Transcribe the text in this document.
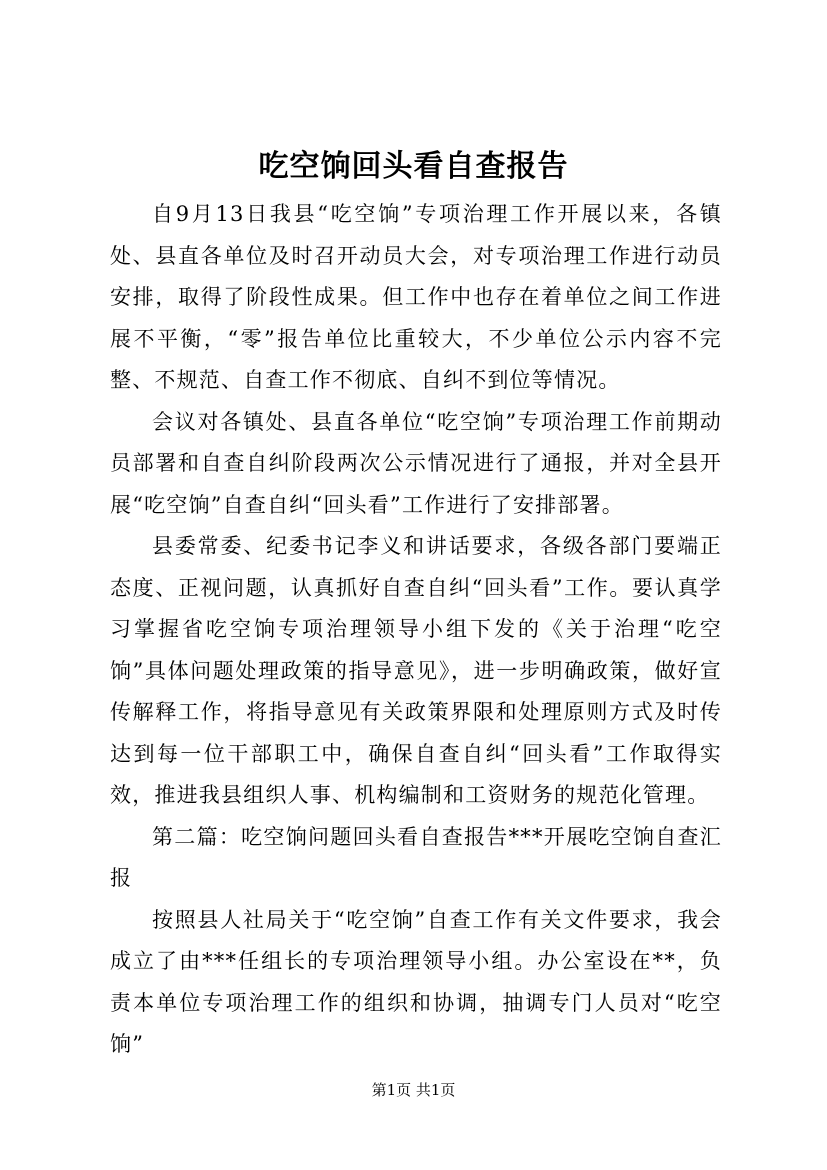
吃空饷回头看自查报告

自9月13日我县“吃空饷”专项治理工作开展以来，各镇处、县直各单位及时召开动员大会，对专项治理工作进行动员安排，取得了阶段性成果。但工作中也存在着单位之间工作进展不平衡，“零”报告单位比重较大，不少单位公示内容不完整、不规范、自查工作不彻底、自纠不到位等情况。

会议对各镇处、县直各单位“吃空饷”专项治理工作前期动员部署和自查自纠阶段两次公示情况进行了通报，并对全县开展“吃空饷”自查自纠“回头看”工作进行了安排部署。

县委常委、纪委书记李义和讲话要求，各级各部门要端正态度、正视问题，认真抓好自查自纠“回头看”工作。要认真学习掌握省吃空饷专项治理领导小组下发的《关于治理“吃空饷”具体问题处理政策的指导意见》，进一步明确政策，做好宣传解释工作，将指导意见有关政策界限和处理原则方式及时传达到每一位干部职工中，确保自查自纠“回头看”工作取得实效，推进我县组织人事、机构编制和工资财务的规范化管理。

第二篇：吃空饷问题回头看自查报告***开展吃空饷自查汇报

按照县人社局关于“吃空饷”自查工作有关文件要求，我会成立了由***任组长的专项治理领导小组。办公室设在**，负责本单位专项治理工作的组织和协调，抽调专门人员对“吃空饷”

第1页 共1页
